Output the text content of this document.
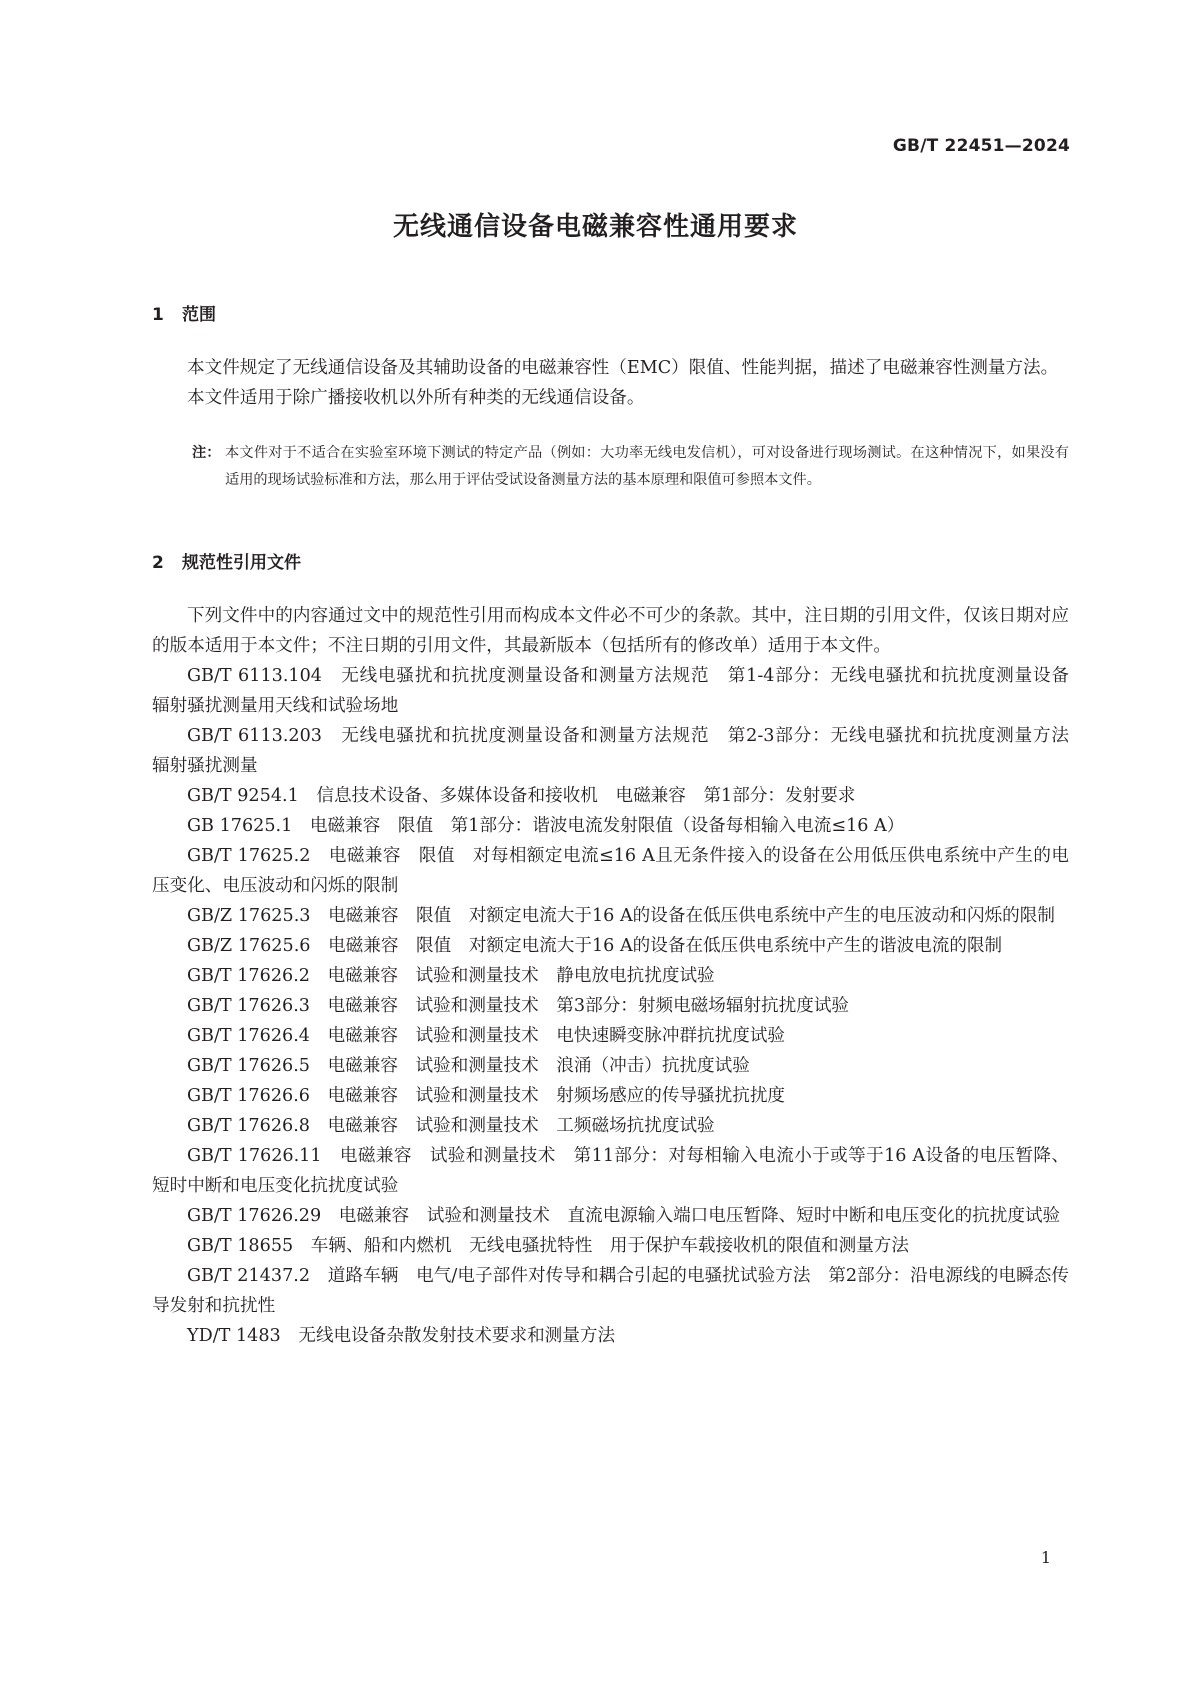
GB/T 22451—2024
无线通信设备电磁兼容性通用要求
1 范围

本文件规定了无线通信设备及其辅助设备的电磁兼容性（EMC）限值、性能判据，描述了电磁兼容性测量方法。

本文件适用于除广播接收机以外所有种类的无线通信设备。

注： 本文件对于不适合在实验室环境下测试的特定产品（例如：大功率无线电发信机），可对设备进行现场测试。在这种情况下，如果没有适用的现场试验标准和方法，那么用于评估受试设备测量方法的基本原理和限值可参照本文件。
2 规范性引用文件

下列文件中的内容通过文中的规范性引用而构成本文件必不可少的条款。其中，注日期的引用文件，仅该日期对应的版本适用于本文件；不注日期的引用文件，其最新版本（包括所有的修改单）适用于本文件。

GB/T 6113.104　无线电骚扰和抗扰度测量设备和测量方法规范　第1-4部分：无线电骚扰和抗扰度测量设备　辐射骚扰测量用天线和试验场地

GB/T 6113.203　无线电骚扰和抗扰度测量设备和测量方法规范　第2-3部分：无线电骚扰和抗扰度测量方法　辐射骚扰测量

GB/T 9254.1　信息技术设备、多媒体设备和接收机　电磁兼容　第1部分：发射要求

GB 17625.1　电磁兼容　限值　第1部分：谐波电流发射限值（设备每相输入电流≤16 A）

GB/T 17625.2　电磁兼容　限值　对每相额定电流≤16 A且无条件接入的设备在公用低压供电系统中产生的电压变化、电压波动和闪烁的限制

GB/Z 17625.3　电磁兼容　限值　对额定电流大于16 A的设备在低压供电系统中产生的电压波动和闪烁的限制

GB/Z 17625.6　电磁兼容　限值　对额定电流大于16 A的设备在低压供电系统中产生的谐波电流的限制

GB/T 17626.2　电磁兼容　试验和测量技术　静电放电抗扰度试验

GB/T 17626.3　电磁兼容　试验和测量技术　第3部分：射频电磁场辐射抗扰度试验

GB/T 17626.4　电磁兼容　试验和测量技术　电快速瞬变脉冲群抗扰度试验

GB/T 17626.5　电磁兼容　试验和测量技术　浪涌（冲击）抗扰度试验

GB/T 17626.6　电磁兼容　试验和测量技术　射频场感应的传导骚扰抗扰度

GB/T 17626.8　电磁兼容　试验和测量技术　工频磁场抗扰度试验

GB/T 17626.11　电磁兼容　试验和测量技术　第11部分：对每相输入电流小于或等于16 A设备的电压暂降、短时中断和电压变化抗扰度试验

GB/T 17626.29　电磁兼容　试验和测量技术　直流电源输入端口电压暂降、短时中断和电压变化的抗扰度试验

GB/T 18655　车辆、船和内燃机　无线电骚扰特性　用于保护车载接收机的限值和测量方法

GB/T 21437.2　道路车辆　电气/电子部件对传导和耦合引起的电骚扰试验方法　第2部分：沿电源线的电瞬态传导发射和抗扰性

YD/T 1483　无线电设备杂散发射技术要求和测量方法

1
